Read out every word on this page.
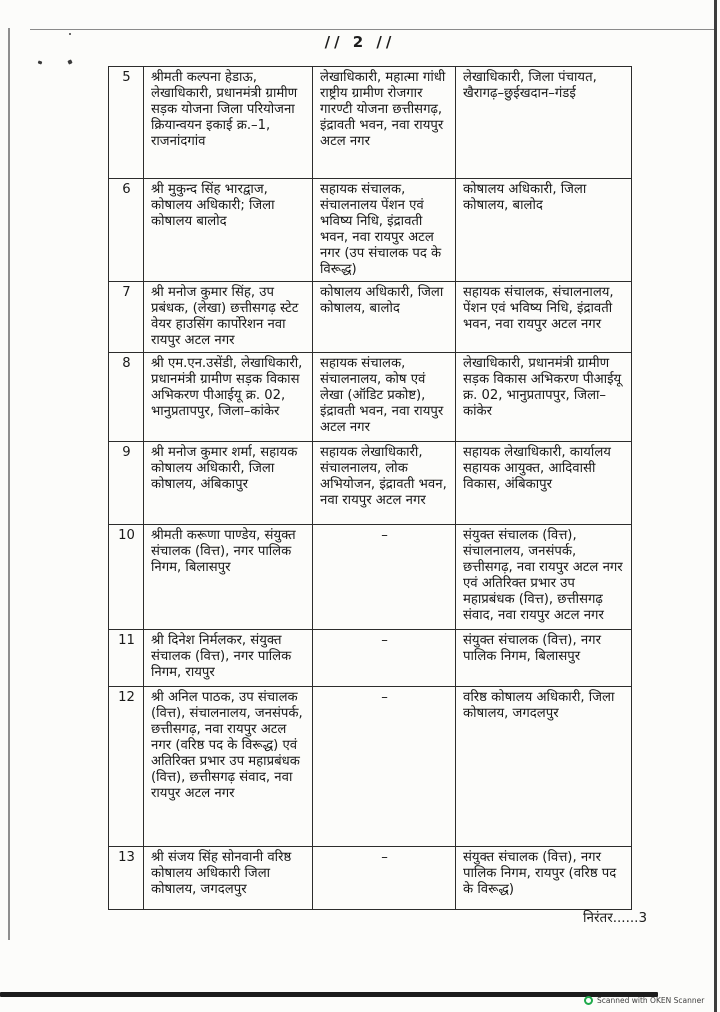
// 2 //
5	श्रीमती कल्पना हेडाऊ, लेखाधिकारी, प्रधानमंत्री ग्रामीण सड़क योजना जिला परियोजना क्रियान्वयन इकाई क्र.–1, राजनांदगांव	लेखाधिकारी, महात्मा गांधी राष्ट्रीय ग्रामीण रोजगार गारण्टी योजना छत्तीसगढ़, इंद्रावती भवन, नवा रायपुर अटल नगर	लेखाधिकारी, जिला पंचायत, खैरागढ़–छुईखदान–गंडई
6	श्री मुकुन्द सिंह भारद्वाज, कोषालय अधिकारी; जिला कोषालय बालोद	सहायक संचालक, संचालनालय पेंशन एवं भविष्य निधि, इंद्रावती भवन, नवा रायपुर अटल नगर (उप संचालक पद के विरूद्ध)	कोषालय अधिकारी, जिला कोषालय, बालोद
7	श्री मनोज कुमार सिंह, उप प्रबंधक, (लेखा) छत्तीसगढ़ स्टेट वेयर हाउसिंग कार्पोरेशन नवा रायपुर अटल नगर	कोषालय अधिकारी, जिला कोषालय, बालोद	सहायक संचालक, संचालनालय, पेंशन एवं भविष्य निधि, इंद्रावती भवन, नवा रायपुर अटल नगर
8	श्री एम.एन.उसेंडी, लेखाधिकारी, प्रधानमंत्री ग्रामीण सड़क विकास अभिकरण पीआईयू क्र. 02, भानुप्रतापपुर, जिला–कांकेर	सहायक संचालक, संचालनालय, कोष एवं लेखा (ऑडिट प्रकोष्ट), इंद्रावती भवन, नवा रायपुर अटल नगर	लेखाधिकारी, प्रधानमंत्री ग्रामीण सड़क विकास अभिकरण पीआईयू क्र. 02, भानुप्रतापपुर, जिला–कांकेर
9	श्री मनोज कुमार शर्मा, सहायक कोषालय अधिकारी, जिला कोषालय, अंबिकापुर	सहायक लेखाधिकारी, संचालनालय, लोक अभियोजन, इंद्रावती भवन, नवा रायपुर अटल नगर	सहायक लेखाधिकारी, कार्यालय सहायक आयुक्त, आदिवासी विकास, अंबिकापुर
10	श्रीमती करूणा पाण्डेय, संयुक्त संचालक (वित्त), नगर पालिक निगम, बिलासपुर	–	संयुक्त संचालक (वित्त), संचालनालय, जनसंपर्क, छत्तीसगढ़, नवा रायपुर अटल नगर एवं अतिरिक्त प्रभार उप महाप्रबंधक (वित्त), छत्तीसगढ़ संवाद, नवा रायपुर अटल नगर
11	श्री दिनेश निर्मलकर, संयुक्त संचालक (वित्त), नगर पालिक निगम, रायपुर	–	संयुक्त संचालक (वित्त), नगर पालिक निगम, बिलासपुर
12	श्री अनिल पाठक, उप संचालक (वित्त), संचालनालय, जनसंपर्क, छत्तीसगढ़, नवा रायपुर अटल नगर (वरिष्ठ पद के विरूद्ध) एवं अतिरिक्त प्रभार उप महाप्रबंधक (वित्त), छत्तीसगढ़ संवाद, नवा रायपुर अटल नगर	–	वरिष्ठ कोषालय अधिकारी, जिला कोषालय, जगदलपुर
13	श्री संजय सिंह सोनवानी वरिष्ठ कोषालय अधिकारी जिला कोषालय, जगदलपुर	–	संयुक्त संचालक (वित्त), नगर पालिक निगम, रायपुर (वरिष्ठ पद के विरूद्ध)
निरंतर......3
Scanned with OKEN Scanner
